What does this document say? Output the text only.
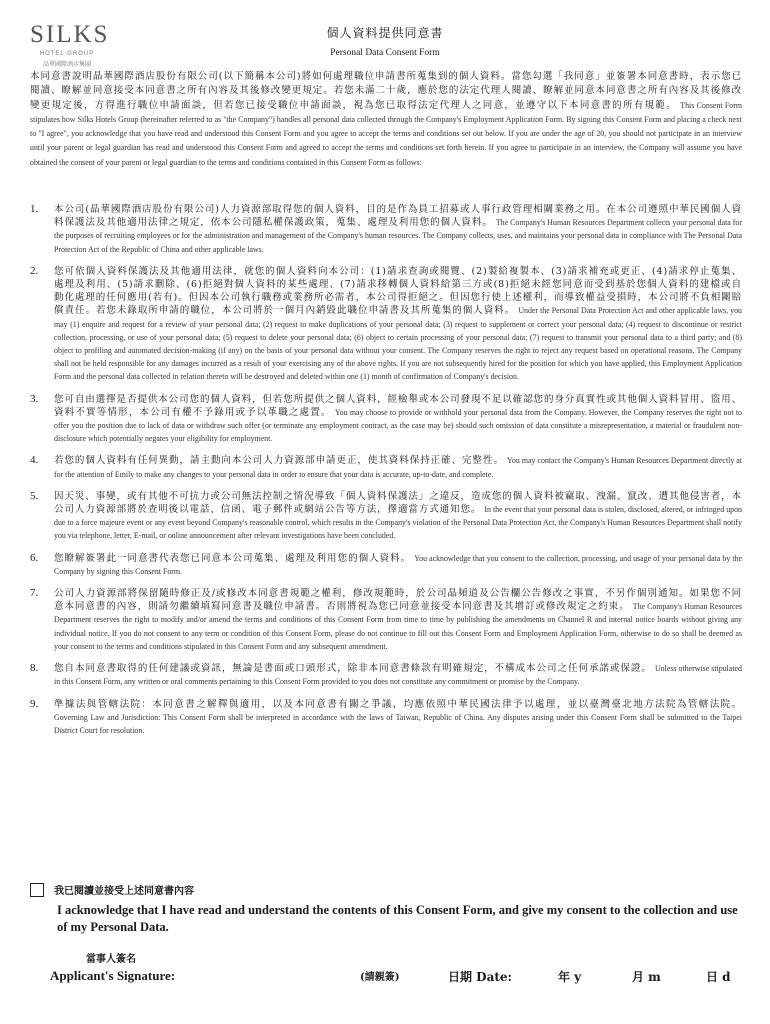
SILKS
HOTEL GROUP
晶華國際酒店集團
個人資料提供同意書
Personal Data Consent Form
本同意書說明晶華國際酒店股份有限公司(以下簡稱本公司)將如何處理職位申請書所蒐集到的個人資料。當您勾選「我同意」並簽署本同意書時，表示您已閱讀、瞭解並同意接受本同意書之所有內容及其後修改變更規定。若您未滿二十歲，應於您的法定代理人閱讀、瞭解並同意本同意書之所有內容及其後修改變更規定後，方得進行職位申請面談，但若您已接受職位申請面談，視為您已取得法定代理人之同意，並遵守以下本同意書的所有規範。 This Consent Form stipulates how Silks Hotels Group (hereinafter referred to as "the Company") handles all personal data collected through the Company's Employment Application Form. By signing this Consent Form and placing a check next to "I agree", you acknowledge that you have read and understood this Consent Form and you agree to accept the terms and conditions set out below. If you are under the age of 20, you should not participate in an interview until your parent or legal guardian has read and understood this Consent Form and agreed to accept the terms and conditions set forth herein. If you agree to participate in an interview, the Company will assume you have obtained the consent of your parent or legal guardian to the terms and conditions contained in this Consent Form as follows:
1. 本公司(晶華國際酒店股份有限公司)人力資源部取得您的個人資料，目的是作為員工招募或人事行政管理相關業務之用。在本公司遵照中華民國個人資料保護法及其他適用法律之規定，依本公司隱私權保護政策，蒐集、處理及利用您的個人資料。 The Company's Human Resources Department collects your personal data for the purposes of recruiting employees or for the administration and management of the Company's human resources. The Company collects, uses, and maintains your personal data in compliance with The Personal Data Protection Act of the Republic of China and other applicable laws.
2. 您可依個人資料保護法及其他適用法律，就您的個人資料向本公司：(1)請求查詢或閱覽、(2)製給複製本、(3)請求補充或更正、(4)請求停止蒐集、處理及利用、(5)請求刪除、(6)拒絕對個人資料的某些處理、(7)請求移轉個人資料給第三方或(8)拒絕未經您同意而受到基於您個人資料的建檔或自動化處理的任何應用(若有)。但因本公司執行職務或業務所必需者，本公司得拒絕之。但因您行使上述權利，而導致權益受損時，本公司將不負相關賠償責任。若您未錄取所申請的職位，本公司將於一個月內銷毀此職位申請書及其所蒐集的個人資料。 Under the Personal Data Protection Act and other applicable laws, you may (1) enquire and request for a review of your personal data; (2) request to make duplications of your personal data; (3) request to supplement or correct your personal data; (4) request to discontinue or restrict collection, processing, or use of your personal data; (5) request to delete your personal data; (6) object to certain processing of your personal data; (7) request to transmit your personal data to a third party; and (8) object to profiling and automated decision-making (if any) on the basis of your personal data without your consent. The Company reserves the right to reject any request based on operational reasons. The Company shall not be held responsible for any damages incurred as a result of your exercising any of the above rights. If you are not subsequently hired for the position for which you have applied, this Employment Application Form and the personal data collected in relation thereto will be destroyed and deleted within one (1) month of confirmation of Company's decision.
3. 您可自由選擇是否提供本公司您的個人資料，但若您所提供之個人資料，經檢舉或本公司發現不足以確認您的身分真實性或其他個人資料冒用、盜用、資料不實等情形，本公司有權不予錄用或予以革職之處置。 You may choose to provide or withhold your personal data from the Company. However, the Company reserves the right not to offer you the position due to lack of data or withdraw such offer (or terminate any employment contract, as the case may be) should such omission of data constitute a misrepresentation, a material or fraudulent non-disclosure which potentially negates your eligibility for employment.
4. 若您的個人資料有任何異動，請主動向本公司人力資源部申請更正，使其資料保持正確、完整性。 You may contact the Company's Human Resources Department directly at for the attention of Emily to make any changes to your personal data in order to ensure that your data is accurate, up-to-date, and complete.
5. 因天災、事變，或有其他不可抗力或公司無法控制之情況導致「個人資料保護法」之違反，造成您的個人資料被竊取、洩漏、竄改、遭其他侵害者，本公司人力資源部將於查明後以電話、信函、電子郵件或網站公告等方法，擇適當方式通知您。 In the event that your personal data is stolen, disclosed, altered, or infringed upon due to a force majeure event or any event beyond Company's reasonable control, which results in the Company's violation of the Personal Data Protection Act, the Company's Human Resources Department shall notify you via telephone, letter, E-mail, or online announcement after relevant investigations have been concluded.
6. 您瞭解簽署此一同意書代表您已同意本公司蒐集、處理及利用您的個人資料。 You acknowledge that you consent to the collection, processing, and usage of your personal data by the Company by signing this Consent Form.
7. 公司人力資源部將保留隨時修正及/或修改本同意書規範之權利，修改規範時，於公司晶頻道及公告欄公告修改之事實，不另作個別通知。如果您不同意本同意書的內容，則請勿繼續填寫同意書及職位申請書。否則將視為您已同意並接受本同意書及其增訂或修改規定之約束。 The Company's Human Resources Department reserves the right to modify and/or amend the terms and conditions of this Consent Form from time to time by publishing the amendments on Channel R and internal notice boards without giving any individual notice. If you do not consent to any term or condition of this Consent Form, please do not continue to fill out this Consent Form and Employment Application Form, otherwise to do so shall be deemed as your consent to the terms and conditions stipulated in this Consent Form and any subsequent amendment.
8. 您自本同意書取得的任何建議或資訊，無論是書面或口頭形式，除非本同意書條款有明確規定，不構成本公司之任何承諾或保證。 Unless otherwise stipulated in this Consent Form, any written or oral comments pertaining to this Consent Form provided to you does not constitute any commitment or promise by the Company.
9. 準據法與管轄法院：本同意書之解釋與適用，以及本同意書有關之爭議，均應依照中華民國法律予以處理，並以臺灣臺北地方法院為管轄法院。 Governing Law and Jurisdiction: This Consent Form shall be interpreted in accordance with the laws of Taiwan, Republic of China. Any disputes arising under this Consent Form shall be submitted to the Taipei District Court for resolution.
我已閱讀並接受上述同意書內容
I acknowledge that I have read and understand the contents of this Consent Form, and give my consent to the collection and use of my Personal Data.
當事人簽名
Applicant's Signature:	(請親簽)	日期 Date:	年 y	月 m	日 d
